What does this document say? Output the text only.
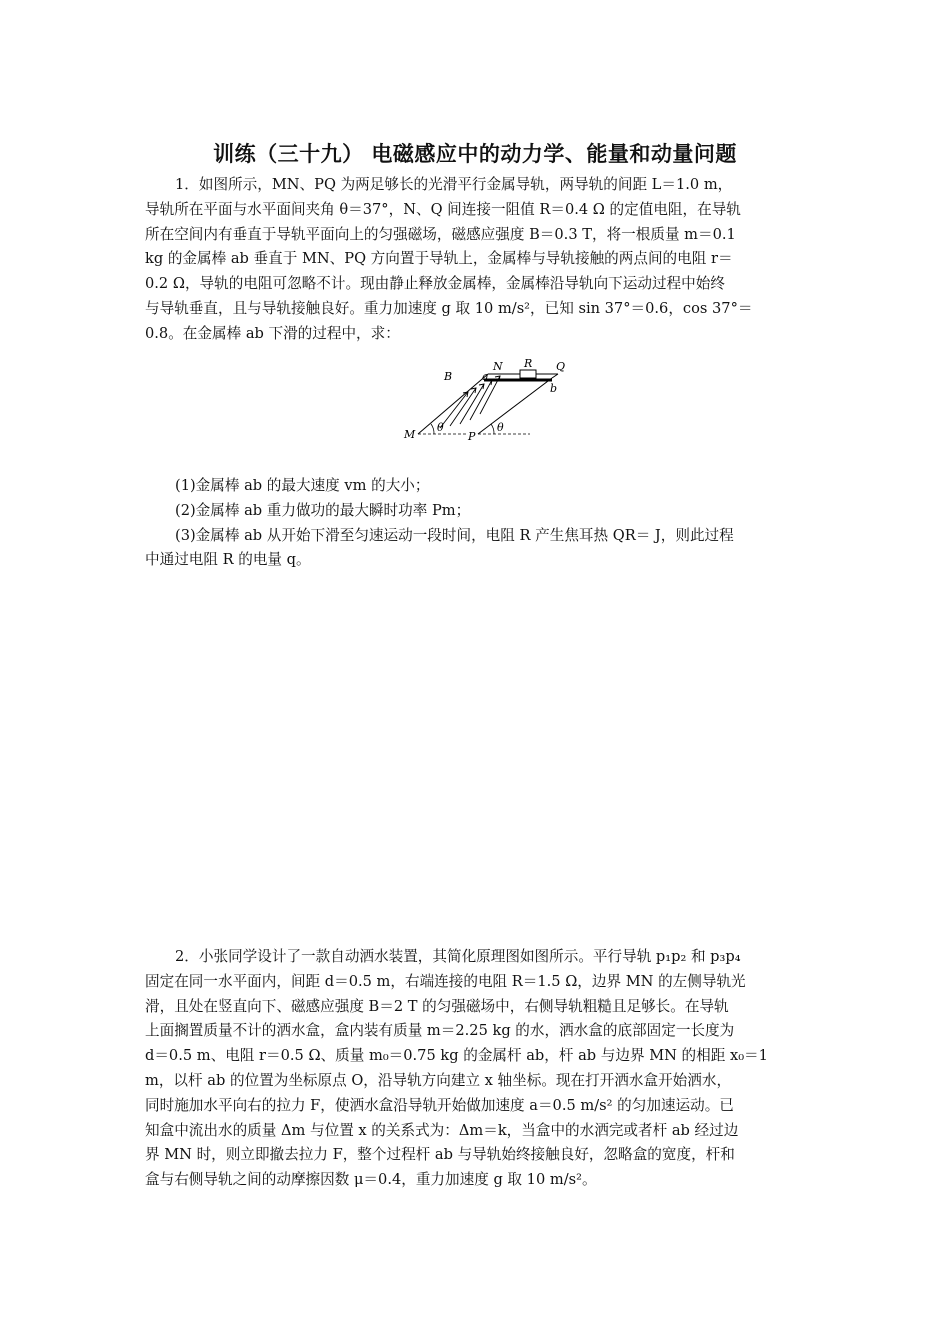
训练（三十九） 电磁感应中的动力学、能量和动量问题
1．如图所示，MN、PQ 为两足够长的光滑平行金属导轨，两导轨的间距 L＝1.0 m，
导轨所在平面与水平面间夹角 θ＝37°，N、Q 间连接一阻值 R＝0.4 Ω 的定值电阻，在导轨
所在空间内有垂直于导轨平面向上的匀强磁场，磁感应强度 B＝0.3 T，将一根质量 m＝0.1
kg 的金属棒 ab 垂直于 MN、PQ 方向置于导轨上，金属棒与导轨接触的两点间的电阻 r＝
0.2 Ω，导轨的电阻可忽略不计。现由静止释放金属棒，金属棒沿导轨向下运动过程中始终
与导轨垂直，且与导轨接触良好。重力加速度 g 取 10 m/s²，已知 sin 37°＝0.6，cos 37°＝
0.8。在金属棒 ab 下滑的过程中，求：
B	a
N R Q
b
M	P
θ	θ
(1)金属棒 ab 的最大速度 vm 的大小；
(2)金属棒 ab 重力做功的最大瞬时功率 Pm；
(3)金属棒 ab 从开始下滑至匀速运动一段时间，电阻 R 产生焦耳热 QR＝ J，则此过程
中通过电阻 R 的电量 q。
2．小张同学设计了一款自动洒水装置，其简化原理图如图所示。平行导轨 p₁p₂ 和 p₃p₄
固定在同一水平面内，间距 d＝0.5 m，右端连接的电阻 R＝1.5 Ω，边界 MN 的左侧导轨光
滑，且处在竖直向下、磁感应强度 B＝2 T 的匀强磁场中，右侧导轨粗糙且足够长。在导轨
上面搁置质量不计的洒水盒，盒内装有质量 m＝2.25 kg 的水，洒水盒的底部固定一长度为
d＝0.5 m、电阻 r＝0.5 Ω、质量 m₀＝0.75 kg 的金属杆 ab，杆 ab 与边界 MN 的相距 x₀＝1
m，以杆 ab 的位置为坐标原点 O，沿导轨方向建立 x 轴坐标。现在打开洒水盒开始洒水，
同时施加水平向右的拉力 F，使洒水盒沿导轨开始做加速度 a＝0.5 m/s² 的匀加速运动。已
知盒中流出水的质量 Δm 与位置 x 的关系式为：Δm＝k，当盒中的水洒完或者杆 ab 经过边
界 MN 时，则立即撤去拉力 F，整个过程杆 ab 与导轨始终接触良好，忽略盒的宽度，杆和
盒与右侧导轨之间的动摩擦因数 μ＝0.4，重力加速度 g 取 10 m/s²。
